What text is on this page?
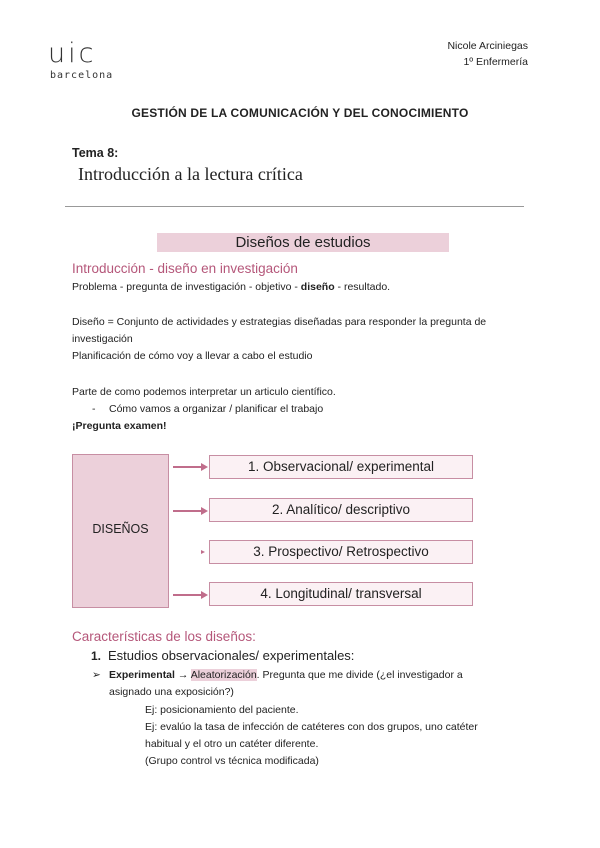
uic
barcelona
Nicole Arciniegas
1º Enfermería
GESTIÓN DE LA COMUNICACIÓN Y DEL CONOCIMIENTO
Tema 8:
Introducción a la lectura crítica
Diseños de estudios
Introducción - diseño en investigación
Problema - pregunta de investigación - objetivo - diseño - resultado.
Diseño = Conjunto de actividades y estrategias diseñadas para responder la pregunta de
investigación
Planificación de cómo voy a llevar a cabo el estudio
Parte de como podemos interpretar un articulo científico.
- Cómo vamos a organizar / planificar el trabajo
¡Pregunta examen!
DISEÑOS
1. Observacional/ experimental
2. Analítico/ descriptivo
3. Prospectivo/ Retrospectivo
4. Longitudinal/ transversal
Características de los diseños:
1. Estudios observacionales/ experimentales:
➢ Experimental → Aleatorización. Pregunta que me divide (¿el investigador a
asignado una exposición?)
Ej: posicionamiento del paciente.
Ej: evalúo la tasa de infección de catéteres con dos grupos, uno catéter
habitual y el otro un catéter diferente.
(Grupo control vs técnica modificada)
